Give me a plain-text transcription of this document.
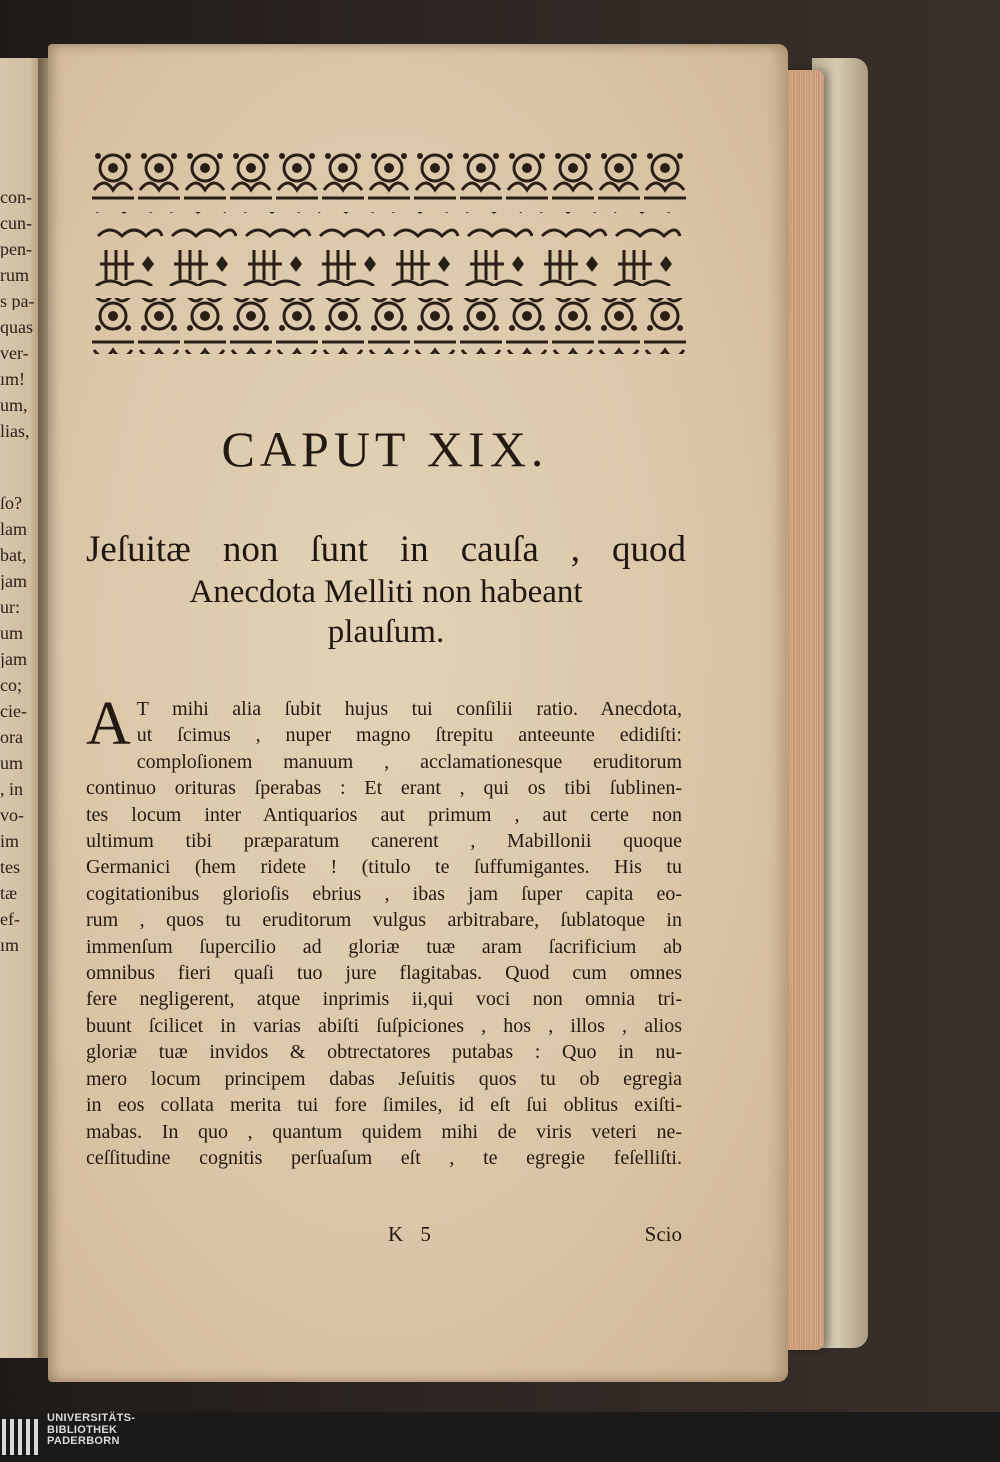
con-
cun-
pen-
rum
s pa-
quas
ver-
ım!
um,
lias,
ſo?
lam
bat,
jam
ur:
um
jam
co;
cie-
ora
um
, in
vo-
im
tes
tæ
ef-
ım
CAPUT XIX.
Jeſuitæ non ſunt in cauſa , quod
Anecdota Melliti non habeant
plauſum.
A T mihi alia ſubit hujus tui conſilii ratio. Anecdota,
ut ſcimus , nuper magno ſtrepitu anteeunte edidiſti:
comploſionem manuum , acclamationesque eruditorum
continuo orituras ſperabas : Et erant , qui os tibi ſublinen-
tes locum inter Antiquarios aut primum , aut certe non
ultimum tibi præparatum canerent , Mabillonii quoque
Germanici (hem ridete ! (titulo te ſuffumigantes. His tu
cogitationibus glorioſis ebrius , ibas jam ſuper capita eo-
rum , quos tu eruditorum vulgus arbitrabare, ſublatoque in
immenſum ſupercilio ad gloriæ tuæ aram ſacrificium ab
omnibus fieri quaſi tuo jure flagitabas. Quod cum omnes
fere negligerent, atque inprimis ii,qui voci non omnia tri-
buunt ſcilicet in varias abiſti ſuſpiciones , hos , illos , alios
gloriæ tuæ invidos & obtrectatores putabas : Quo in nu-
mero locum principem dabas Jeſuitis quos tu ob egregia
in eos collata merita tui fore ſimiles, id eſt ſui oblitus exiſti-
mabas. In quo , quantum quidem mihi de viris veteri ne-
ceſſitudine cognitis perſuaſum eſt , te egregie feſelliſti.
K 5	Scio
UNIVERSITÄTS-
BIBLIOTHEK
PADERBORN
